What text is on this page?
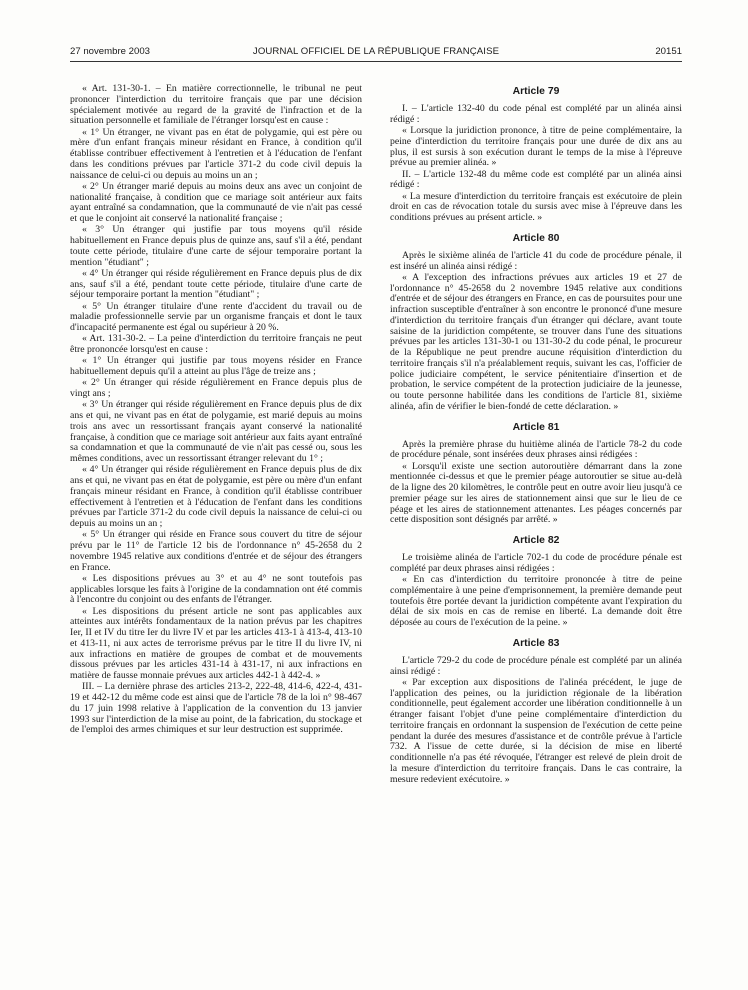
27 novembre 2003	JOURNAL OFFICIEL DE LA RÉPUBLIQUE FRANÇAISE	20151

« Art. 131-30-1. – En matière correctionnelle, le tribunal ne peut prononcer l'interdiction du territoire français que par une décision spécialement motivée au regard de la gravité de l'infraction et de la situation personnelle et familiale de l'étranger lorsqu'est en cause :

« 1° Un étranger, ne vivant pas en état de polygamie, qui est père ou mère d'un enfant français mineur résidant en France, à condition qu'il établisse contribuer effectivement à l'entretien et à l'éducation de l'enfant dans les conditions prévues par l'article 371-2 du code civil depuis la naissance de celui-ci ou depuis au moins un an ;

« 2° Un étranger marié depuis au moins deux ans avec un conjoint de nationalité française, à condition que ce mariage soit antérieur aux faits ayant entraîné sa condamnation, que la communauté de vie n'ait pas cessé et que le conjoint ait conservé la nationalité française ;

« 3° Un étranger qui justifie par tous moyens qu'il réside habituellement en France depuis plus de quinze ans, sauf s'il a été, pendant toute cette période, titulaire d'une carte de séjour temporaire portant la mention "étudiant" ;

« 4° Un étranger qui réside régulièrement en France depuis plus de dix ans, sauf s'il a été, pendant toute cette période, titulaire d'une carte de séjour temporaire portant la mention "étudiant" ;

« 5° Un étranger titulaire d'une rente d'accident du travail ou de maladie professionnelle servie par un organisme français et dont le taux d'incapacité permanente est égal ou supérieur à 20 %.

« Art. 131-30-2. – La peine d'interdiction du territoire français ne peut être prononcée lorsqu'est en cause :

« 1° Un étranger qui justifie par tous moyens résider en France habituellement depuis qu'il a atteint au plus l'âge de treize ans ;

« 2° Un étranger qui réside régulièrement en France depuis plus de vingt ans ;

« 3° Un étranger qui réside régulièrement en France depuis plus de dix ans et qui, ne vivant pas en état de polygamie, est marié depuis au moins trois ans avec un ressortissant français ayant conservé la nationalité française, à condition que ce mariage soit antérieur aux faits ayant entraîné sa condamnation et que la communauté de vie n'ait pas cessé ou, sous les mêmes conditions, avec un ressortissant étranger relevant du 1° ;

« 4° Un étranger qui réside régulièrement en France depuis plus de dix ans et qui, ne vivant pas en état de polygamie, est père ou mère d'un enfant français mineur résidant en France, à condition qu'il établisse contribuer effectivement à l'entretien et à l'éducation de l'enfant dans les conditions prévues par l'article 371-2 du code civil depuis la naissance de celui-ci ou depuis au moins un an ;

« 5° Un étranger qui réside en France sous couvert du titre de séjour prévu par le 11° de l'article 12 bis de l'ordonnance n° 45-2658 du 2 novembre 1945 relative aux conditions d'entrée et de séjour des étrangers en France.

« Les dispositions prévues au 3° et au 4° ne sont toutefois pas applicables lorsque les faits à l'origine de la condamnation ont été commis à l'encontre du conjoint ou des enfants de l'étranger.

« Les dispositions du présent article ne sont pas applicables aux atteintes aux intérêts fondamentaux de la nation prévus par les chapitres Ier, II et IV du titre Ier du livre IV et par les articles 413-1 à 413-4, 413-10 et 413-11, ni aux actes de terrorisme prévus par le titre II du livre IV, ni aux infractions en matière de groupes de combat et de mouvements dissous prévues par les articles 431-14 à 431-17, ni aux infractions en matière de fausse monnaie prévues aux articles 442-1 à 442-4. »

III. – La dernière phrase des articles 213-2, 222-48, 414-6, 422-4, 431-19 et 442-12 du même code est ainsi que de l'article 78 de la loi n° 98-467 du 17 juin 1998 relative à l'application de la convention du 13 janvier 1993 sur l'interdiction de la mise au point, de la fabrication, du stockage et de l'emploi des armes chimiques et sur leur destruction est supprimée.

Article 79

I. – L'article 132-40 du code pénal est complété par un alinéa ainsi rédigé :

« Lorsque la juridiction prononce, à titre de peine complémentaire, la peine d'interdiction du territoire français pour une durée de dix ans au plus, il est sursis à son exécution durant le temps de la mise à l'épreuve prévue au premier alinéa. »

II. – L'article 132-48 du même code est complété par un alinéa ainsi rédigé :

« La mesure d'interdiction du territoire français est exécutoire de plein droit en cas de révocation totale du sursis avec mise à l'épreuve dans les conditions prévues au présent article. »

Article 80

Après le sixième alinéa de l'article 41 du code de procédure pénale, il est inséré un alinéa ainsi rédigé :

« A l'exception des infractions prévues aux articles 19 et 27 de l'ordonnance n° 45-2658 du 2 novembre 1945 relative aux conditions d'entrée et de séjour des étrangers en France, en cas de poursuites pour une infraction susceptible d'entraîner à son encontre le prononcé d'une mesure d'interdiction du territoire français d'un étranger qui déclare, avant toute saisine de la juridiction compétente, se trouver dans l'une des situations prévues par les articles 131-30-1 ou 131-30-2 du code pénal, le procureur de la République ne peut prendre aucune réquisition d'interdiction du territoire français s'il n'a préalablement requis, suivant les cas, l'officier de police judiciaire compétent, le service pénitentiaire d'insertion et de probation, le service compétent de la protection judiciaire de la jeunesse, ou toute personne habilitée dans les conditions de l'article 81, sixième alinéa, afin de vérifier le bien-fondé de cette déclaration. »

Article 81

Après la première phrase du huitième alinéa de l'article 78-2 du code de procédure pénale, sont insérées deux phrases ainsi rédigées :

« Lorsqu'il existe une section autoroutière démarrant dans la zone mentionnée ci-dessus et que le premier péage autoroutier se situe au-delà de la ligne des 20 kilomètres, le contrôle peut en outre avoir lieu jusqu'à ce premier péage sur les aires de stationnement ainsi que sur le lieu de ce péage et les aires de stationnement attenantes. Les péages concernés par cette disposition sont désignés par arrêté. »

Article 82

Le troisième alinéa de l'article 702-1 du code de procédure pénale est complété par deux phrases ainsi rédigées :

« En cas d'interdiction du territoire prononcée à titre de peine complémentaire à une peine d'emprisonnement, la première demande peut toutefois être portée devant la juridiction compétente avant l'expiration du délai de six mois en cas de remise en liberté. La demande doit être déposée au cours de l'exécution de la peine. »

Article 83

L'article 729-2 du code de procédure pénale est complété par un alinéa ainsi rédigé :

« Par exception aux dispositions de l'alinéa précédent, le juge de l'application des peines, ou la juridiction régionale de la libération conditionnelle, peut également accorder une libération conditionnelle à un étranger faisant l'objet d'une peine complémentaire d'interdiction du territoire français en ordonnant la suspension de l'exécution de cette peine pendant la durée des mesures d'assistance et de contrôle prévue à l'article 732. A l'issue de cette durée, si la décision de mise en liberté conditionnelle n'a pas été révoquée, l'étranger est relevé de plein droit de la mesure d'interdiction du territoire français. Dans le cas contraire, la mesure redevient exécutoire. »
